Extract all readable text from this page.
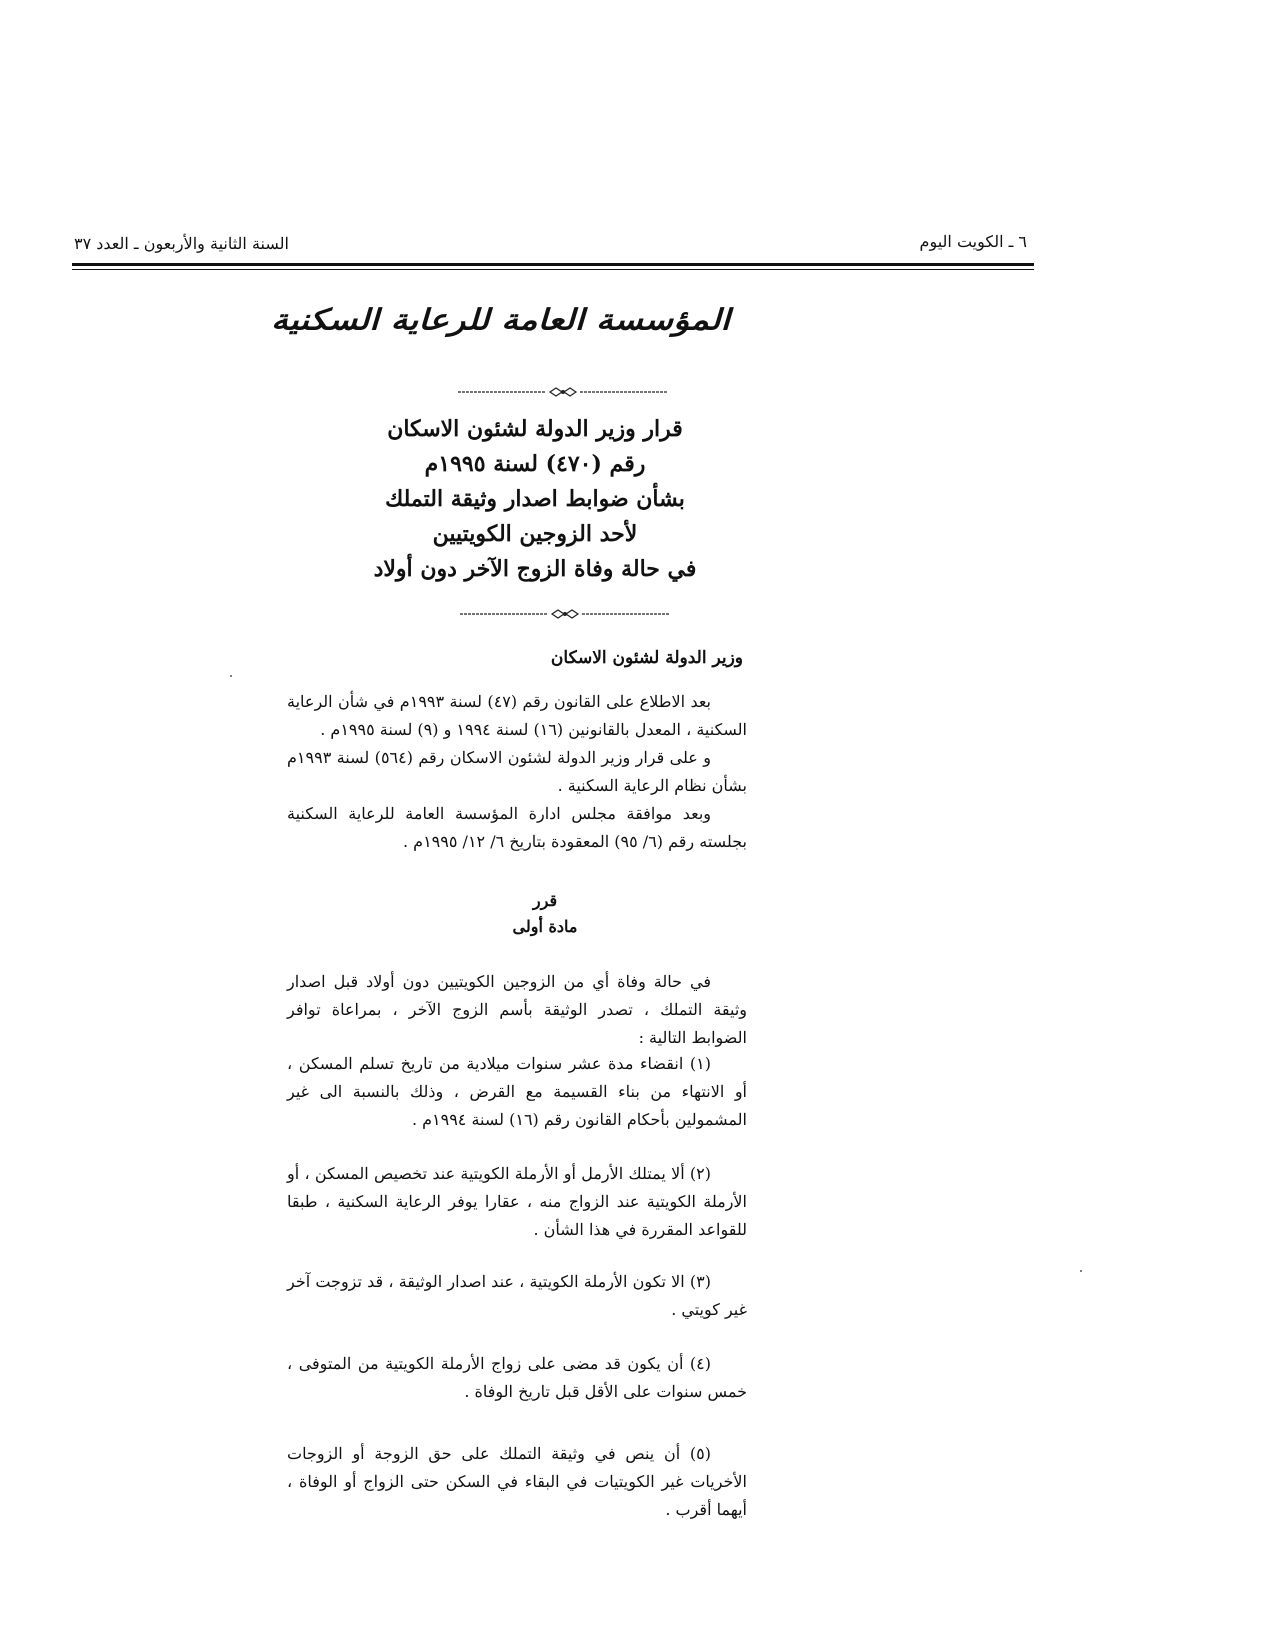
٦ ـ الكويت اليوم
السنة الثانية والأربعون ـ العدد ٣٧
المؤسسة العامة للرعاية السكنية
قرار وزير الدولة لشئون الاسكان
رقم (٤٧٠) لسنة ١٩٩٥م
بشأن ضوابط اصدار وثيقة التملك
لأحد الزوجين الكويتيين
في حالة وفاة الزوج الآخر دون أولاد
وزير الدولة لشئون الاسكان

بعد الاطلاع على القانون رقم (٤٧) لسنة ١٩٩٣م في شأن الرعاية السكنية ، المعدل بالقانونين (١٦) لسنة ١٩٩٤ و (٩) لسنة ١٩٩٥م .

و على قرار وزير الدولة لشئون الاسكان رقم (٥٦٤) لسنة ١٩٩٣م بشأن نظام الرعاية السكنية .

وبعد موافقة مجلس ادارة المؤسسة العامة للرعاية السكنية بجلسته رقم (٦/ ٩٥) المعقودة بتاريخ ٦/ ١٢/ ١٩٩٥م .

قرر
مادة أولى

في حالة وفاة أي من الزوجين الكويتيين دون أولاد قبل اصدار وثيقة التملك ، تصدر الوثيقة بأسم الزوج الآخر ، بمراعاة توافر الضوابط التالية :

(١) انقضاء مدة عشر سنوات ميلادية من تاريخ تسلم المسكن ، أو الانتهاء من بناء القسيمة مع القرض ، وذلك بالنسبة الى غير المشمولين بأحكام القانون رقم (١٦) لسنة ١٩٩٤م .

(٢) ألا يمتلك الأرمل أو الأرملة الكويتية عند تخصيص المسكن ، أو الأرملة الكويتية عند الزواج منه ، عقارا يوفر الرعاية السكنية ، طبقا للقواعد المقررة في هذا الشأن .

(٣) الا تكون الأرملة الكويتية ، عند اصدار الوثيقة ، قد تزوجت آخر غير كويتي .

(٤) أن يكون قد مضى على زواج الأرملة الكويتية من المتوفى ، خمس سنوات على الأقل قبل تاريخ الوفاة .

(٥) أن ينص في وثيقة التملك على حق الزوجة أو الزوجات الأخريات غير الكويتيات في البقاء في السكن حتى الزواج أو الوفاة ، أيهما أقرب .
